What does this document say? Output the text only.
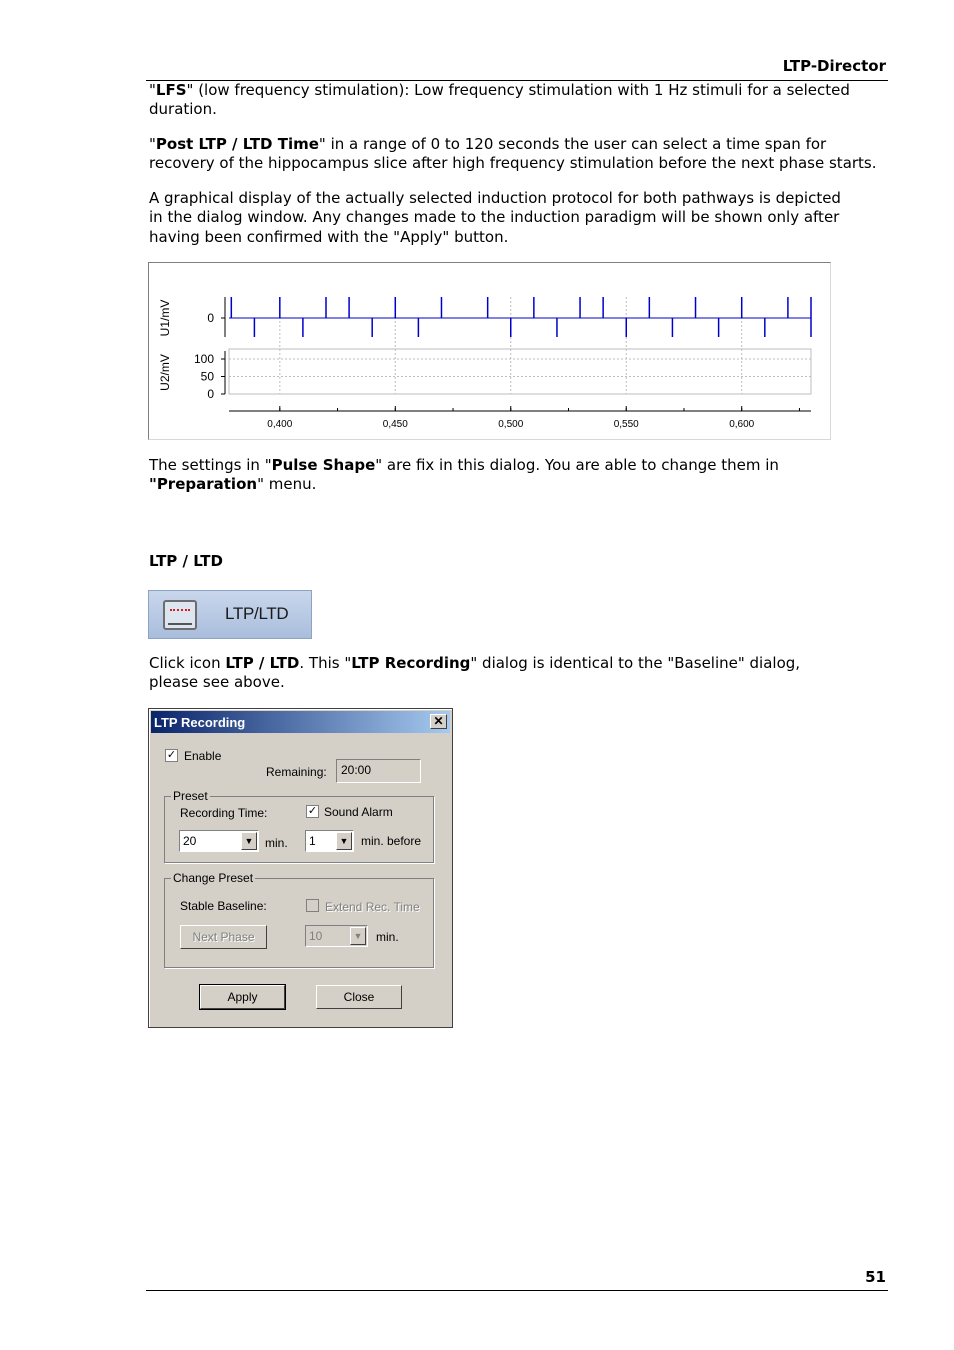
LTP-Director
"LFS" (low frequency stimulation): Low frequency stimulation with 1 Hz stimuli for a selected duration.
"Post LTP / LTD Time" in a range of 0 to 120 seconds the user can select a time span for recovery of the hippocampus slice after high frequency stimulation before the next phase starts.
A graphical display of the actually selected induction protocol for both pathways is depicted in the dialog window. Any changes made to the induction paradigm will be shown only after having been confirmed with the "Apply" button.
0
100
50
0
U1/mV
U2/mV
0,400	0,450	0,500	0,550	0,600
The settings in "Pulse Shape" are fix in this dialog. You are able to change them in "Preparation" menu.
LTP / LTD
LTP/LTD
Click icon LTP / LTD. This "LTP Recording" dialog is identical to the "Baseline" dialog, please see above.
LTP Recording	✕
✓ Enable
Remaining:	20:00
Preset
Recording Time:	✓ Sound Alarm
20	▼ min. 1	▼ min. before
Change Preset
Stable Baseline:	Extend Rec. Time
Next Phase	10	▼ min.
Apply	Close
51
